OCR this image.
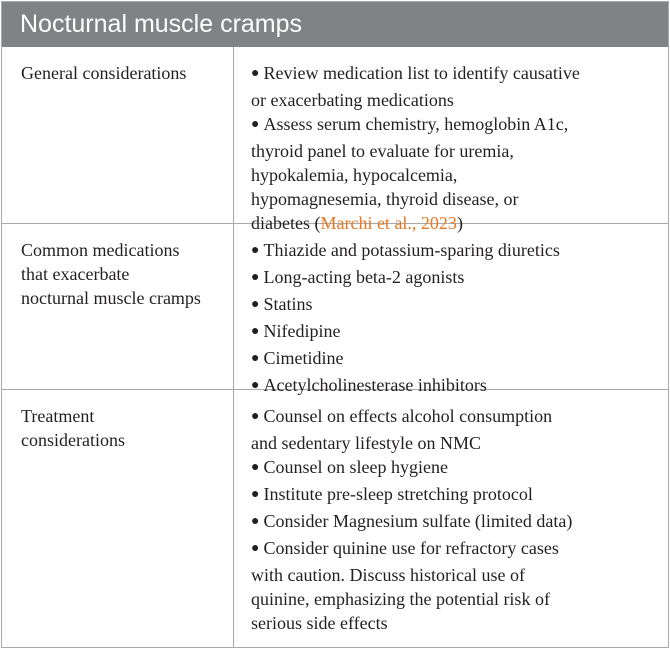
Nocturnal muscle cramps
General considerations	● Review medication list to identify causative
or exacerbating medications
● Assess serum chemistry, hemoglobin A1c,
thyroid panel to evaluate for uremia,
hypokalemia, hypocalcemia,
hypomagnesemia, thyroid disease, or
diabetes (Marchi et al., 2023)
Common medications
that exacerbate
nocturnal muscle cramps
● Thiazide and potassium-sparing diuretics
● Long-acting beta-2 agonists
● Statins
● Nifedipine
● Cimetidine
● Acetylcholinesterase inhibitors
Treatment
considerations
● Counsel on effects alcohol consumption
and sedentary lifestyle on NMC
● Counsel on sleep hygiene
● Institute pre-sleep stretching protocol
● Consider Magnesium sulfate (limited data)
● Consider quinine use for refractory cases
with caution. Discuss historical use of
quinine, emphasizing the potential risk of
serious side effects
